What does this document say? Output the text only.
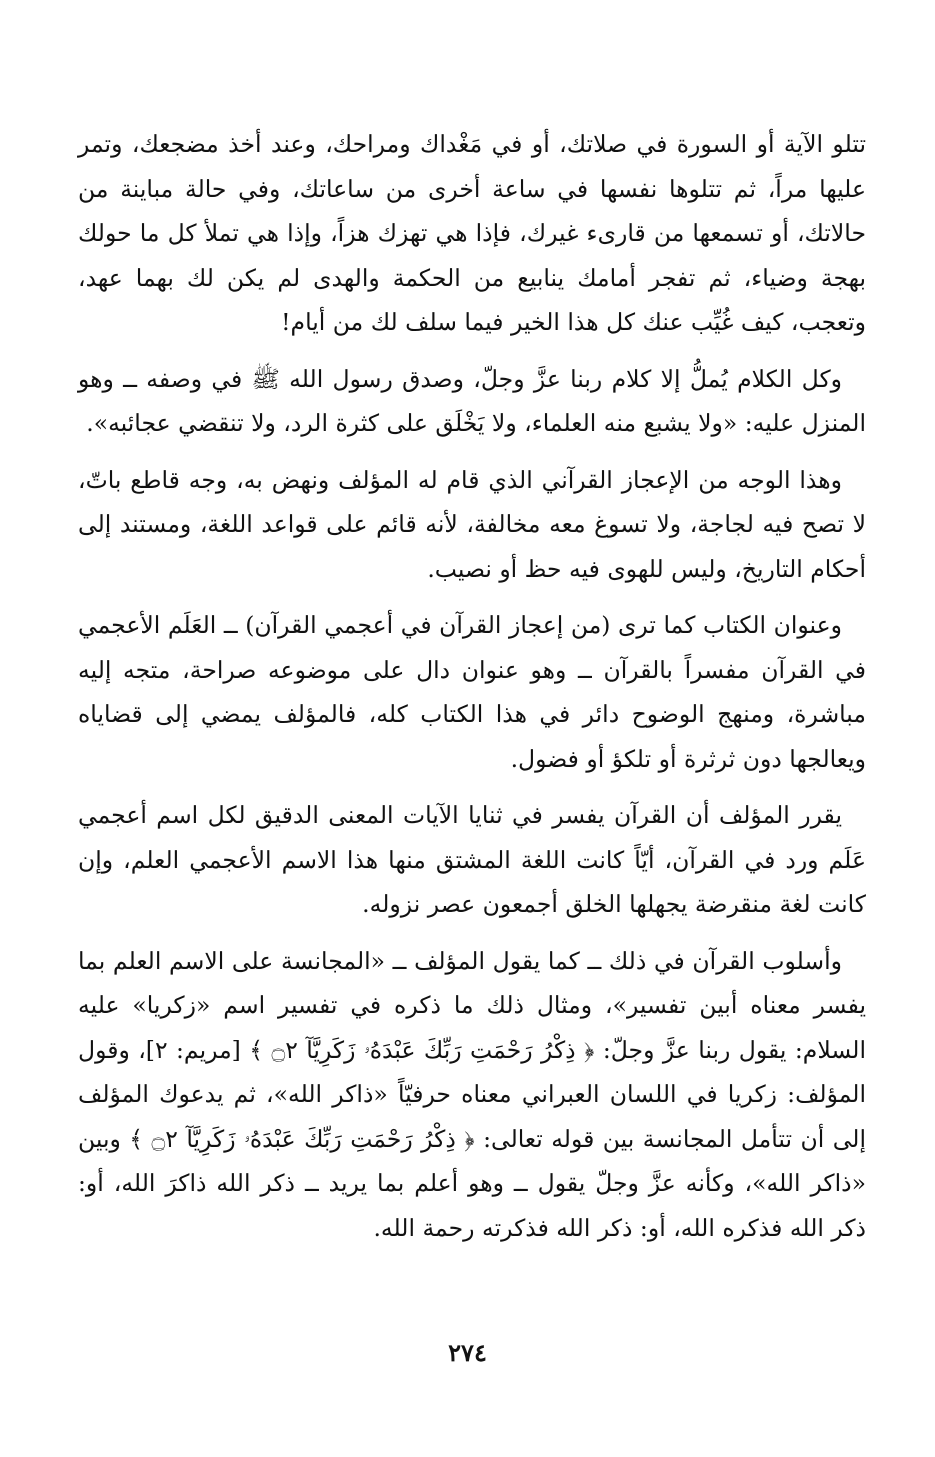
تتلو الآية أو السورة في صلاتك، أو في مَغْداك ومراحك، وعند أخذ مضجعك، وتمر عليها مراً، ثم تتلوها نفسها في ساعة أخرى من ساعاتك، وفي حالة مباينة من حالاتك، أو تسمعها من قارىء غيرك، فإذا هي تهزك هزاً، وإذا هي تملأ كل ما حولك بهجة وضياء، ثم تفجر أمامك ينابيع من الحكمة والهدى لم يكن لك بهما عهد، وتعجب، كيف غُيِّب عنك كل هذا الخير فيما سلف لك من أيام!

وكل الكلام يُملُّ إلا كلام ربنا عزَّ وجلّ، وصدق رسول الله ﷺ في وصفه ــ وهو المنزل عليه: «ولا يشبع منه العلماء، ولا يَخْلَق على كثرة الرد، ولا تنقضي عجائبه».

وهذا الوجه من الإعجاز القرآني الذي قام له المؤلف ونهض به، وجه قاطع باتّ، لا تصح فيه لجاجة، ولا تسوغ معه مخالفة، لأنه قائم على قواعد اللغة، ومستند إلى أحكام التاريخ، وليس للهوى فيه حظ أو نصيب.

وعنوان الكتاب كما ترى (من إعجاز القرآن في أعجمي القرآن) ــ العَلَم الأعجمي في القرآن مفسراً بالقرآن ــ وهو عنوان دال على موضوعه صراحة، متجه إليه مباشرة، ومنهج الوضوح دائر في هذا الكتاب كله، فالمؤلف يمضي إلى قضاياه ويعالجها دون ثرثرة أو تلكؤ أو فضول.

يقرر المؤلف أن القرآن يفسر في ثنايا الآيات المعنى الدقيق لكل اسم أعجمي عَلَم ورد في القرآن، أيّاً كانت اللغة المشتق منها هذا الاسم الأعجمي العلم، وإن كانت لغة منقرضة يجهلها الخلق أجمعون عصر نزوله.

وأسلوب القرآن في ذلك ــ كما يقول المؤلف ــ «المجانسة على الاسم العلم بما يفسر معناه أبين تفسير»، ومثال ذلك ما ذكره في تفسير اسم «زكريا» عليه السلام: يقول ربنا عزَّ وجلّ: ﴿ ذِكْرُ رَحْمَتِ رَبِّكَ عَبْدَهُۥ زَكَرِيَّآ ۝٢ ﴾ [مريم: ٢]، وقول المؤلف: زكريا في اللسان العبراني معناه حرفيّاً «ذاكر الله»، ثم يدعوك المؤلف إلى أن تتأمل المجانسة بين قوله تعالى: ﴿ ذِكْرُ رَحْمَتِ رَبِّكَ عَبْدَهُۥ زَكَرِيَّآ ۝٢ ﴾ وبين «ذاكر الله»، وكأنه عزَّ وجلّ يقول ــ وهو أعلم بما يريد ــ ذكر الله ذاكرَ الله، أو: ذكر الله فذكره الله، أو: ذكر الله فذكرته رحمة الله.

٢٧٤
